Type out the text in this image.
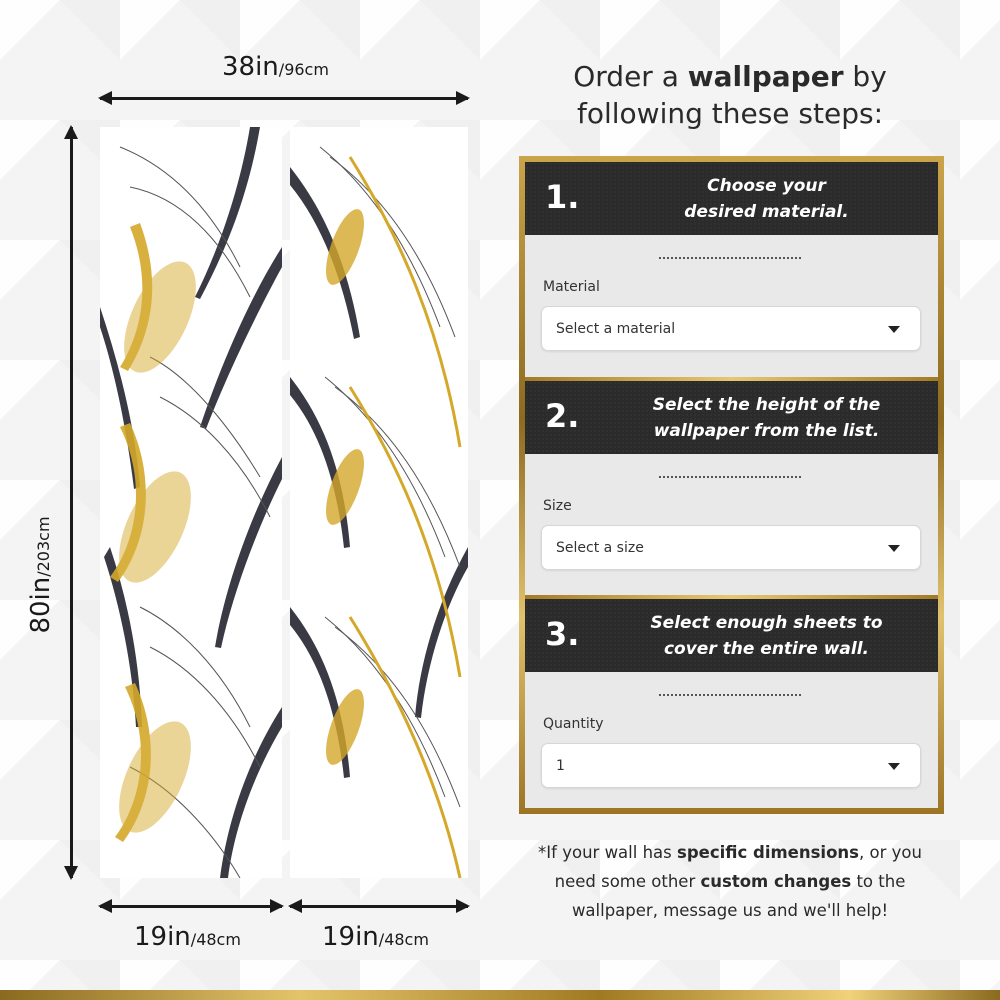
38in/96cm
80in/203cm
19in/48cm	19in/48cm
Order a wallpaper by
following these steps:
1.	Choose your
desired material.
Material
Select a material
2.	Select the height of the
wallpaper from the list.
Size
Select a size
3.	Select enough sheets to
cover the entire wall.
Quantity
1
*If your wall has specific dimensions, or you need some other custom changes to the wallpaper, message us and we'll help!
